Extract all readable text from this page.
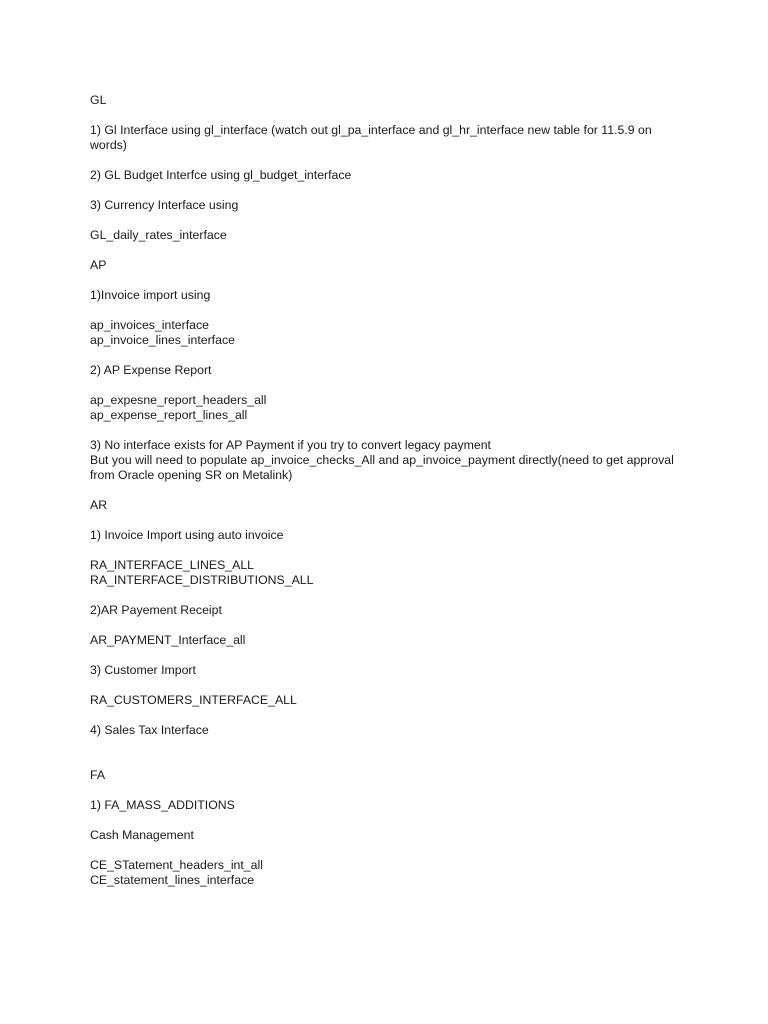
GL
1) Gl Interface using gl_interface (watch out gl_pa_interface and gl_hr_interface new table for 11.5.9 on words)
2) GL Budget Interfce using gl_budget_interface
3) Currency Interface using
GL_daily_rates_interface
AP
1)Invoice import using
ap_invoices_interface
ap_invoice_lines_interface
2) AP Expense Report
ap_expesne_report_headers_all
ap_expense_report_lines_all
3) No interface exists for AP Payment if you try to convert legacy payment
But you will need to populate ap_invoice_checks_All and ap_invoice_payment directly(need to get approval from Oracle opening SR on Metalink)
AR
1) Invoice Import using auto invoice
RA_INTERFACE_LINES_ALL
RA_INTERFACE_DISTRIBUTIONS_ALL
2)AR Payement Receipt
AR_PAYMENT_Interface_all
3) Customer Import
RA_CUSTOMERS_INTERFACE_ALL
4) Sales Tax Interface
FA
1) FA_MASS_ADDITIONS
Cash Management
CE_STatement_headers_int_all
CE_statement_lines_interface
